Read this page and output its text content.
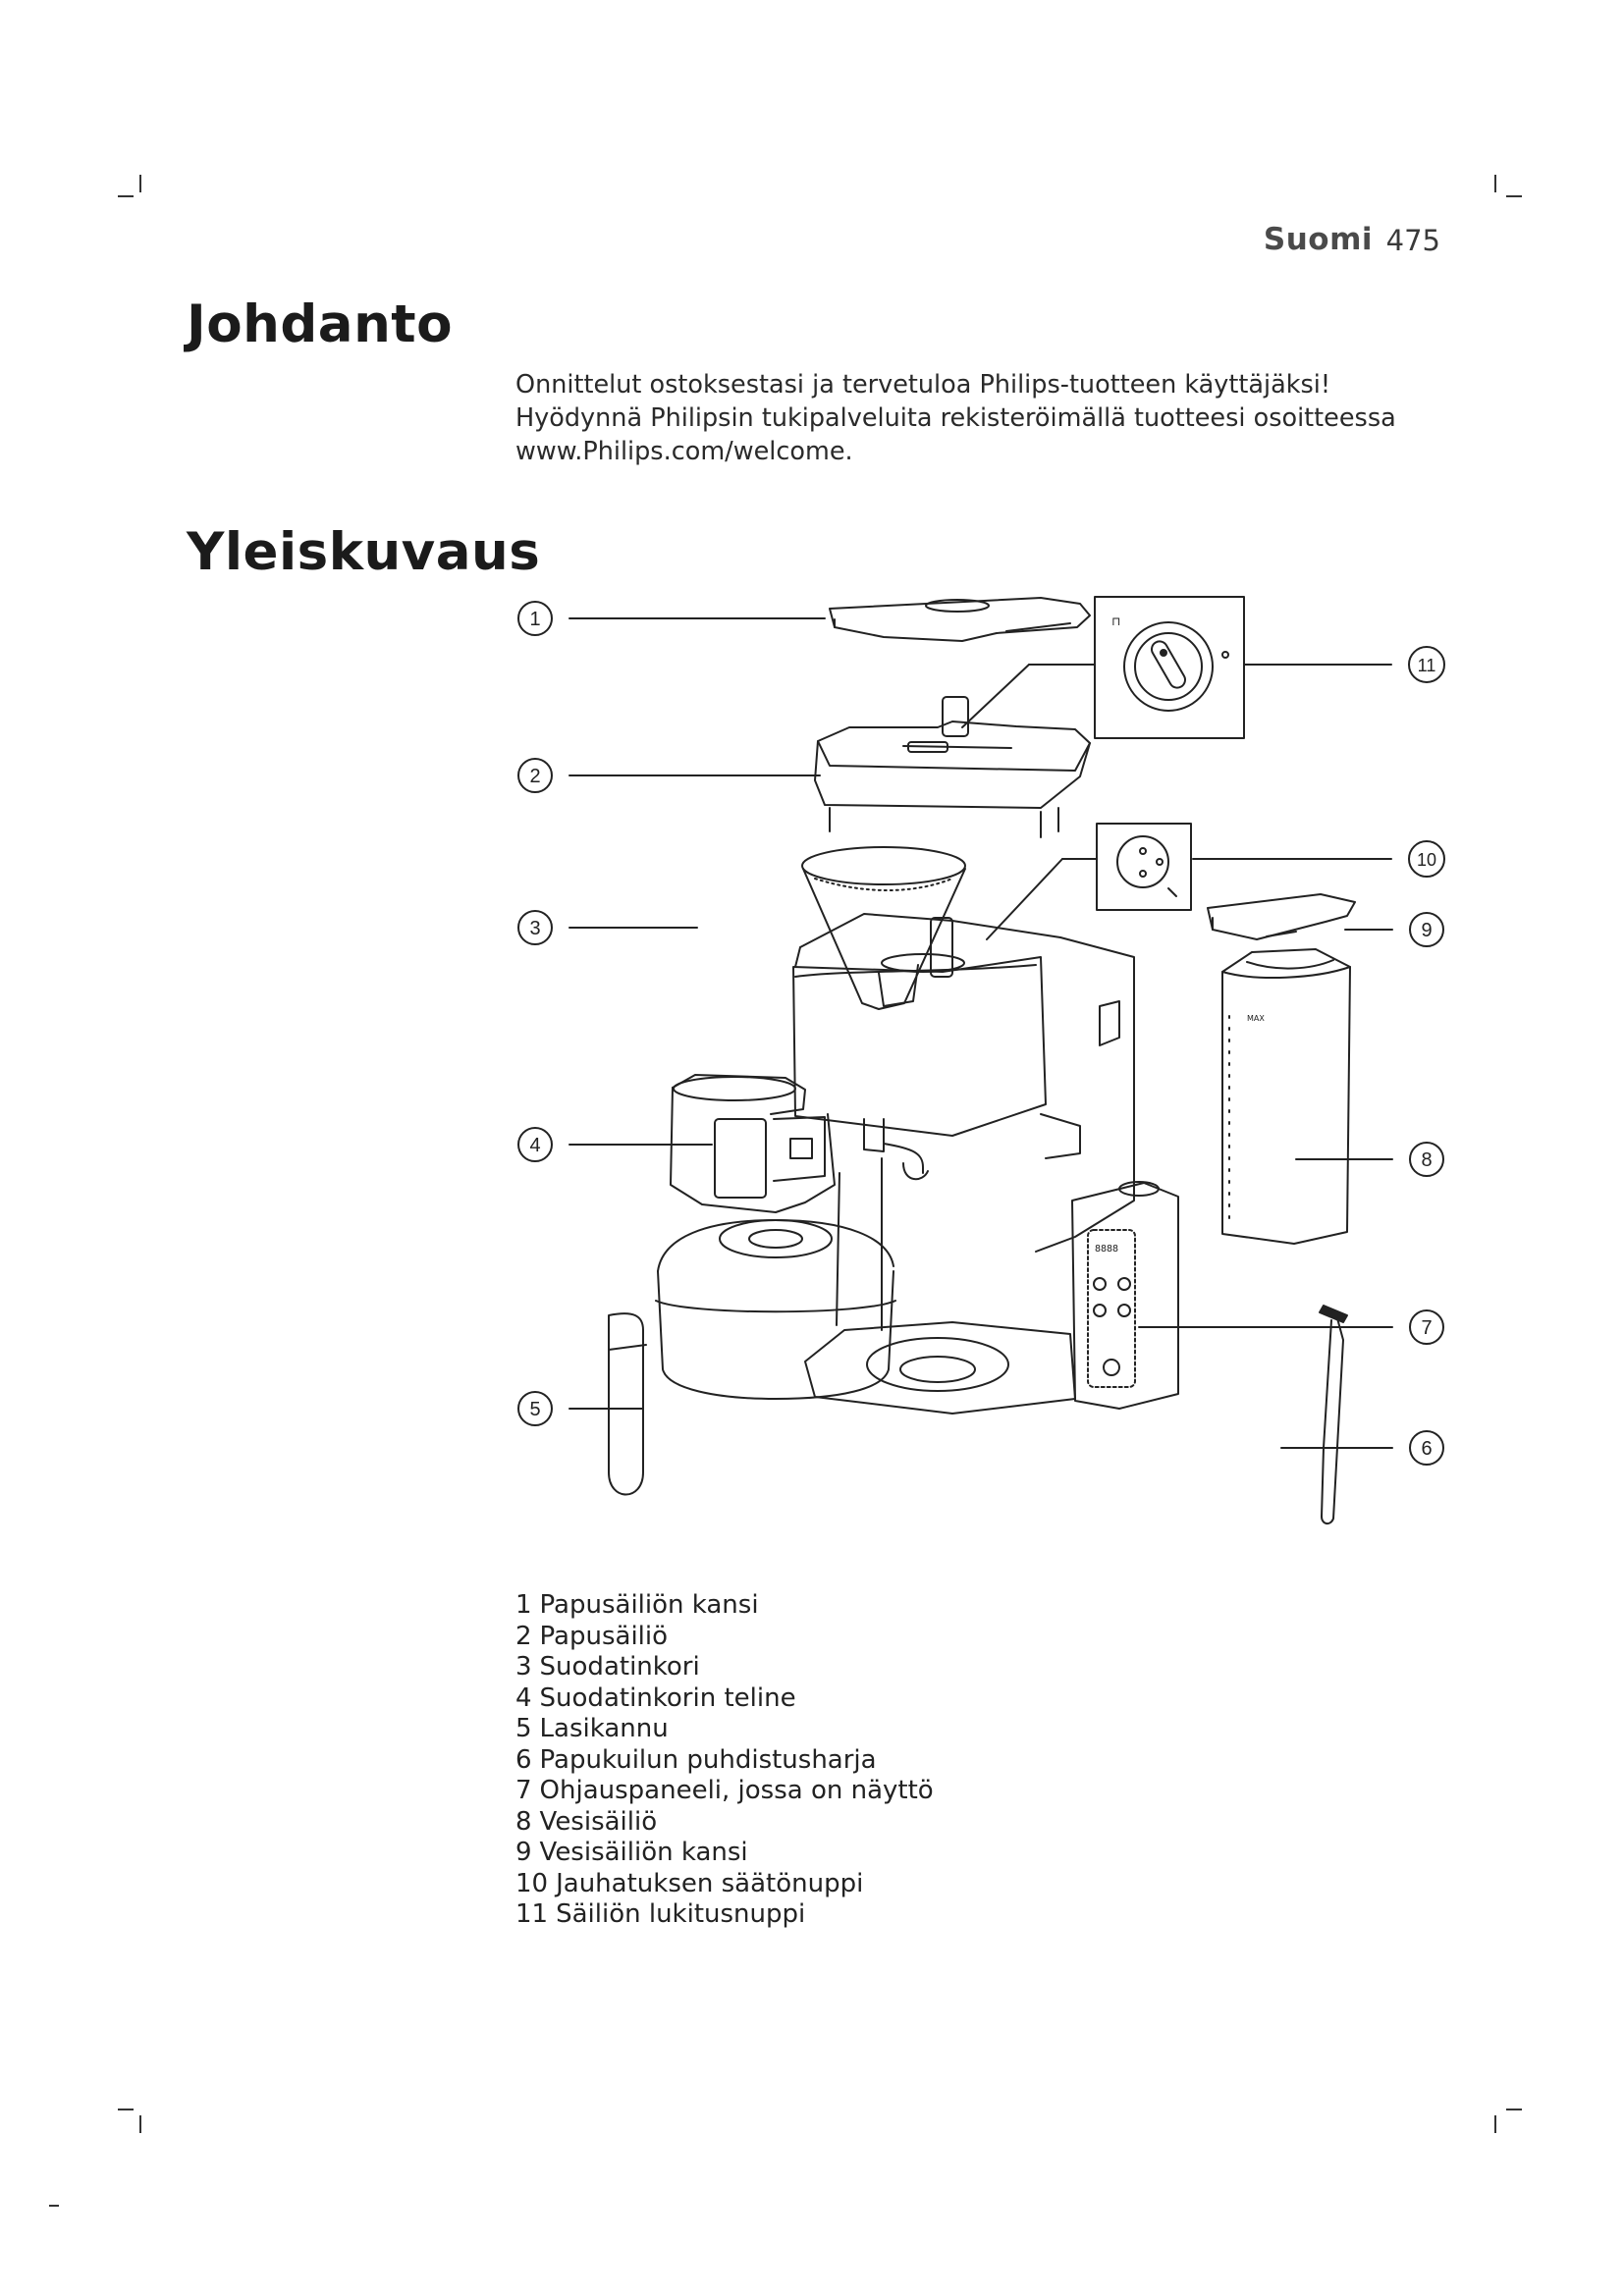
Suomi 475
Johdanto

Onnittelut ostoksestasi ja tervetuloa Philips-tuotteen käyttäjäksi!

Hyödynnä Philipsin tukipalveluita rekisteröimällä tuotteesi osoitteessa

www.Philips.com/welcome.

Yleiskuvaus
1
2
3
4
5
6
7
8
9
10
11
⊓
8888
MAX
1 Papusäiliön kansi
2 Papusäiliö
3 Suodatinkori
4 Suodatinkorin teline
5 Lasikannu
6 Papukuilun puhdistusharja
7 Ohjauspaneeli, jossa on näyttö
8 Vesisäiliö
9 Vesisäiliön kansi
10 Jauhatuksen säätönuppi
11 Säiliön lukitusnuppi
